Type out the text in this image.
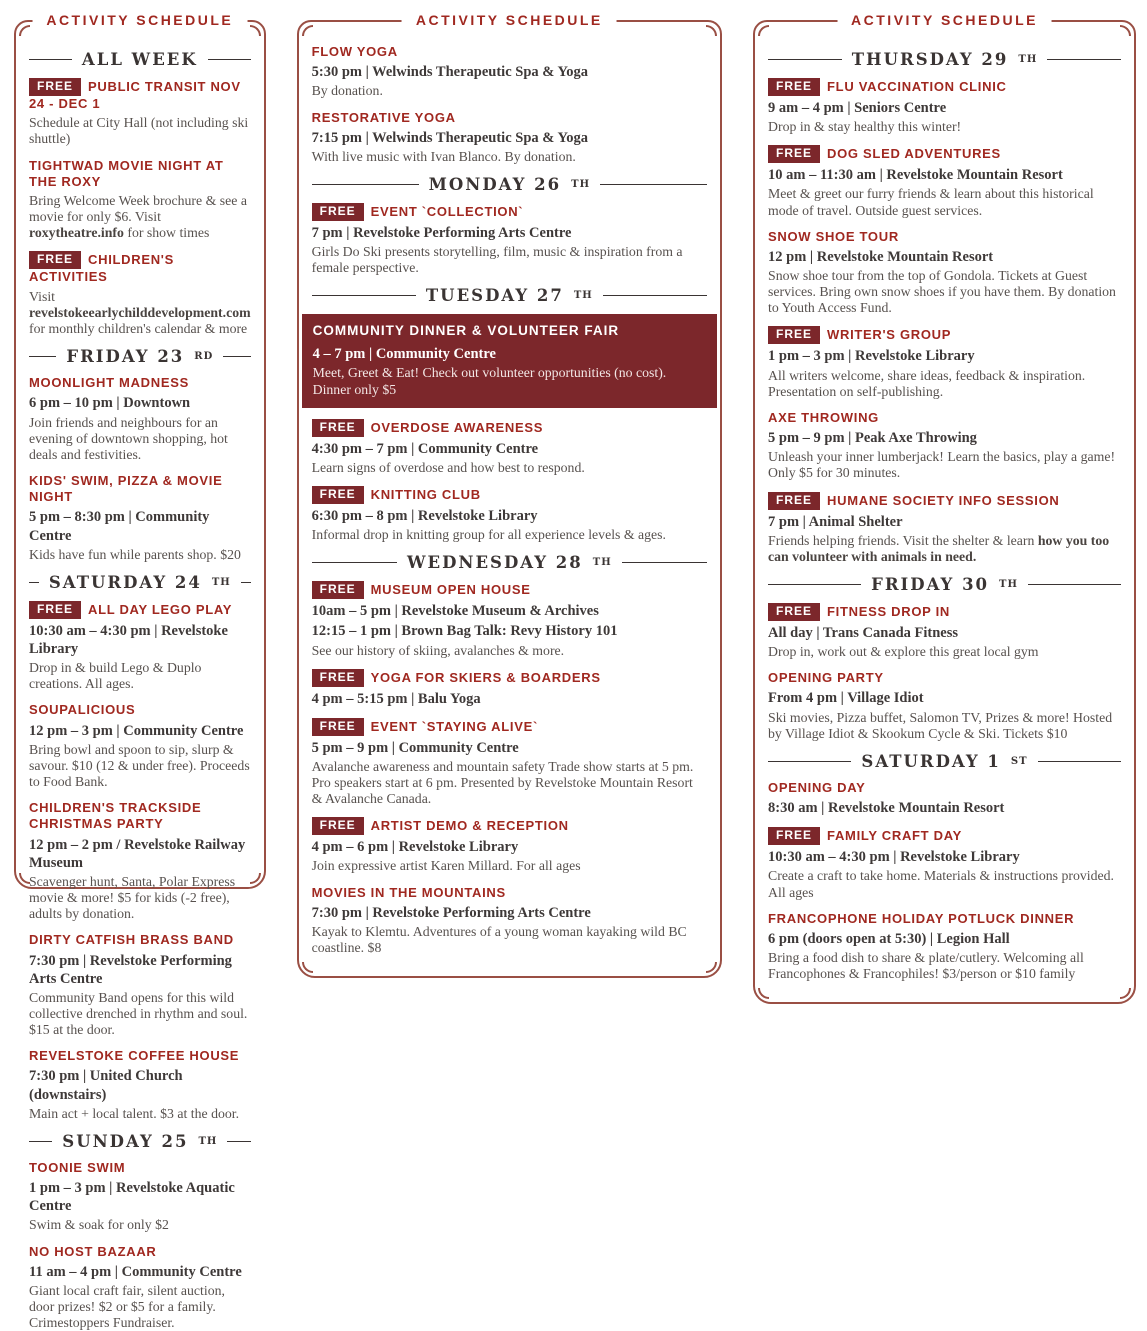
ACTIVITY SCHEDULE
ALL WEEK
FREE PUBLIC TRANSIT NOV 24 - DEC 1
Schedule at City Hall (not including ski shuttle)
TIGHTWAD MOVIE NIGHT AT THE ROXY
Bring Welcome Week brochure & see a movie for only $6. Visit roxytheatre.info for show times
FREE CHILDREN'S ACTIVITIES
Visit revelstokeearlychilddevelopment.com for monthly children's calendar & more
FRIDAY 23 RD
MOONLIGHT MADNESS
6 pm – 10 pm | Downtown
Join friends and neighbours for an evening of downtown shopping, hot deals and festivities.
KIDS' SWIM, PIZZA & MOVIE NIGHT
5 pm – 8:30 pm | Community Centre
Kids have fun while parents shop. $20
SATURDAY 24 TH
FREE ALL DAY LEGO PLAY
10:30 am – 4:30 pm | Revelstoke Library
Drop in & build Lego & Duplo creations. All ages.
SOUPALICIOUS
12 pm – 3 pm | Community Centre
Bring bowl and spoon to sip, slurp & savour. $10 (12 & under free). Proceeds to Food Bank.
CHILDREN'S TRACKSIDE CHRISTMAS PARTY
12 pm – 2 pm / Revelstoke Railway Museum
Scavenger hunt, Santa, Polar Express movie & more! $5 for kids (-2 free), adults by donation.
DIRTY CATFISH BRASS BAND
7:30 pm | Revelstoke Performing Arts Centre
Community Band opens for this wild collective drenched in rhythm and soul. $15 at the door.
REVELSTOKE COFFEE HOUSE
7:30 pm | United Church (downstairs)
Main act + local talent. $3 at the door.
SUNDAY 25 TH
TOONIE SWIM
1 pm – 3 pm | Revelstoke Aquatic Centre
Swim & soak for only $2
NO HOST BAZAAR
11 am – 4 pm | Community Centre
Giant local craft fair, silent auction, door prizes! $2 or $5 for a family. Crimestoppers Fundraiser.
ACTIVITY SCHEDULE
FLOW YOGA
5:30 pm | Welwinds Therapeutic Spa & Yoga
By donation.
RESTORATIVE YOGA
7:15 pm | Welwinds Therapeutic Spa & Yoga
With live music with Ivan Blanco. By donation.
MONDAY 26 TH
FREE EVENT `COLLECTION`
7 pm | Revelstoke Performing Arts Centre
Girls Do Ski presents storytelling, film, music & inspiration from a female perspective.
TUESDAY 27 TH
COMMUNITY DINNER & VOLUNTEER FAIR
4 – 7 pm | Community Centre
Meet, Greet & Eat! Check out volunteer opportunities (no cost). Dinner only $5
FREE OVERDOSE AWARENESS
4:30 pm – 7 pm | Community Centre
Learn signs of overdose and how best to respond.
FREE KNITTING CLUB
6:30 pm – 8 pm | Revelstoke Library
Informal drop in knitting group for all experience levels & ages.
WEDNESDAY 28 TH
FREE MUSEUM OPEN HOUSE
10am – 5 pm | Revelstoke Museum & Archives
12:15 – 1 pm | Brown Bag Talk: Revy History 101
See our history of skiing, avalanches & more.
FREE YOGA FOR SKIERS & BOARDERS
4 pm – 5:15 pm | Balu Yoga
FREE EVENT `STAYING ALIVE`
5 pm – 9 pm | Community Centre
Avalanche awareness and mountain safety Trade show starts at 5 pm. Pro speakers start at 6 pm. Presented by Revelstoke Mountain Resort & Avalanche Canada.
FREE ARTIST DEMO & RECEPTION
4 pm – 6 pm | Revelstoke Library
Join expressive artist Karen Millard. For all ages
MOVIES IN THE MOUNTAINS
7:30 pm | Revelstoke Performing Arts Centre
Kayak to Klemtu. Adventures of a young woman kayaking wild BC coastline. $8
ACTIVITY SCHEDULE
THURSDAY 29 TH
FREE FLU VACCINATION CLINIC
9 am – 4 pm | Seniors Centre
Drop in & stay healthy this winter!
FREE DOG SLED ADVENTURES
10 am – 11:30 am | Revelstoke Mountain Resort
Meet & greet our furry friends & learn about this historical mode of travel. Outside guest services.
SNOW SHOE TOUR
12 pm | Revelstoke Mountain Resort
Snow shoe tour from the top of Gondola. Tickets at Guest services. Bring own snow shoes if you have them. By donation to Youth Access Fund.
FREE WRITER'S GROUP
1 pm – 3 pm | Revelstoke Library
All writers welcome, share ideas, feedback & inspiration. Presentation on self-publishing.
AXE THROWING
5 pm – 9 pm | Peak Axe Throwing
Unleash your inner lumberjack! Learn the basics, play a game! Only $5 for 30 minutes.
FREE HUMANE SOCIETY INFO SESSION
7 pm | Animal Shelter
Friends helping friends. Visit the shelter & learn how you too can volunteer with animals in need.
FRIDAY 30 TH
FREE FITNESS DROP IN
All day | Trans Canada Fitness
Drop in, work out & explore this great local gym
OPENING PARTY
From 4 pm | Village Idiot
Ski movies, Pizza buffet, Salomon TV, Prizes & more! Hosted by Village Idiot & Skookum Cycle & Ski. Tickets $10
SATURDAY 1 ST
OPENING DAY
8:30 am | Revelstoke Mountain Resort
FREE FAMILY CRAFT DAY
10:30 am – 4:30 pm | Revelstoke Library
Create a craft to take home. Materials & instructions provided. All ages
FRANCOPHONE HOLIDAY POTLUCK DINNER
6 pm (doors open at 5:30) | Legion Hall
Bring a food dish to share & plate/cutlery. Welcoming all Francophones & Francophiles! $3/person or $10 family
